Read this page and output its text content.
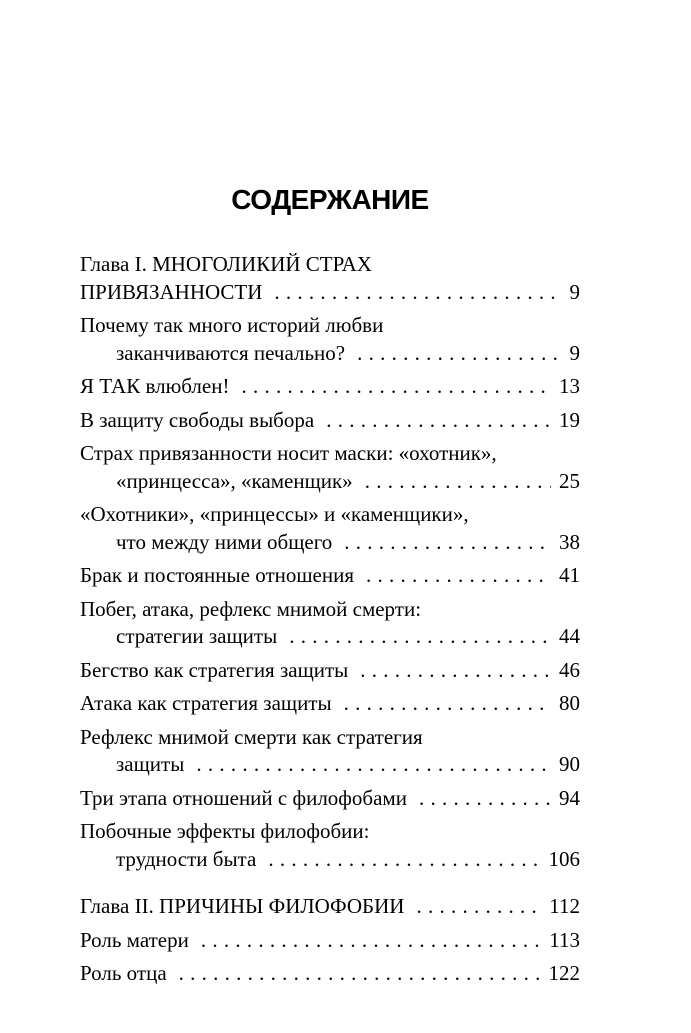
СОДЕРЖАНИЕ
Глава I. МНОГОЛИКИЙ СТРАХ
ПРИВЯЗАННОСТИ . . .	9
Почему так много историй любви
заканчиваются печально? . . .	9
Я ТАК влюблен! . . .	13
В защиту свободы выбора . . .	19
Страх привязанности носит маски: «охотник»,
«принцесса», «каменщик» . . .	25
«Охотники», «принцессы» и «каменщики»,
что между ними общего . . .	38
Брак и постоянные отношения . . .	41
Побег, атака, рефлекс мнимой смерти:
стратегии защиты . . .	44
Бегство как стратегия защиты . . .	46
Атака как стратегия защиты . . .	80
Рефлекс мнимой смерти как стратегия
защиты . . .	90
Три этапа отношений с филофобами . . .	94
Побочные эффекты филофобии:
трудности быта . . .	106
Глава II. ПРИЧИНЫ ФИЛОФОБИИ . . .	112
Роль матери . . .	113
Роль отца . . .	122
